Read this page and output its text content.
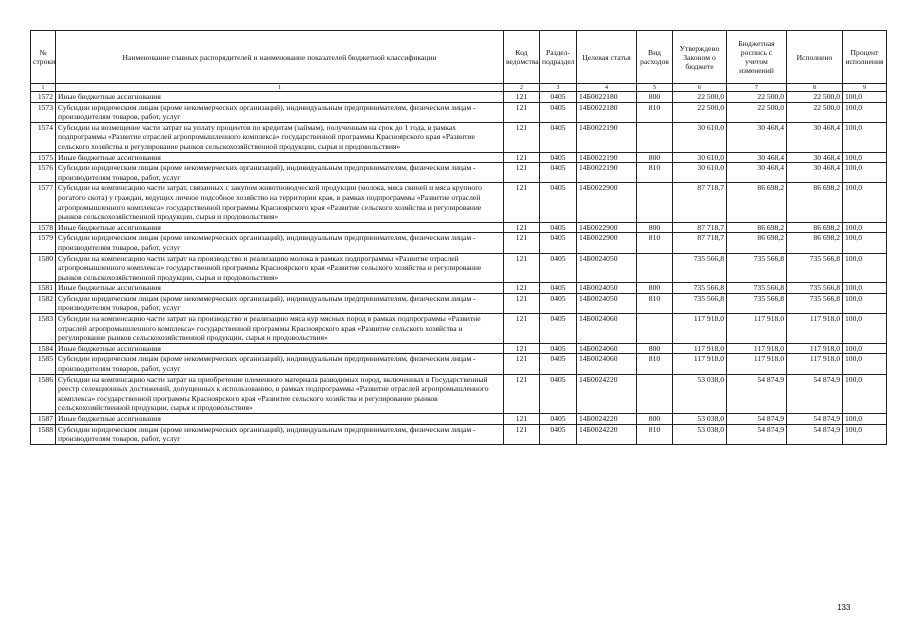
№ строки	Наименование главных распорядителей и наименование показателей бюджетной классификации	Код ведомства	Раздел-подраздел	Целевая статья	Вид расходов	Утверждено Законом о бюджете	Бюджетная роспись с учетом изменений	Исполнено	Процент исполнения
1	1	2	3	4	5	6	7	8	9
1572	Иные бюджетные ассигнования	121	0405	14Б0022180	800	22 500,0	22 500,0	22 500,0	100,0
1573	Субсидии юридическим лицам (кроме некоммерческих организаций), индивидуальным предпринимателям, физическим лицам - производителям товаров, работ, услуг	121	0405	14Б0022180	810	22 500,0	22 500,0	22 500,0	100,0
1574	Субсидии на возмещение части затрат на уплату процентов по кредитам (займам), полученным на срок до 1 года, в рамках подпрограммы «Развитие отраслей агропромышленного комплекса» государственной программы Красноярского края «Развитие сельского хозяйства и регулирование рынков сельскохозяйственной продукции, сырья и продовольствия»	121	0405	14Б0022190		30 610,0	30 468,4	30 468,4	100,0
1575	Иные бюджетные ассигнования	121	0405	14Б0022190	800	30 610,0	30 468,4	30 468,4	100,0
1576	Субсидии юридическим лицам (кроме некоммерческих организаций), индивидуальным предпринимателям, физическим лицам - производителям товаров, работ, услуг	121	0405	14Б0022190	810	30 610,0	30 468,4	30 468,4	100,0
1577	Субсидии на компенсацию части затрат, связанных с закупом животноводческой продукции (молока, мяса свиней и мяса крупного рогатого скота) у граждан, ведущих личное подсобное хозяйство на территории края, в рамках подпрограммы «Развитие отраслей агропромышленного комплекса» государственной программы Красноярского края «Развитие сельского хозяйства и регулирование рынков сельскохозяйственной продукции, сырья и продовольствия»	121	0405	14Б0022900		87 718,7	86 698,2	86 698,2	100,0
1578	Иные бюджетные ассигнования	121	0405	14Б0022900	800	87 718,7	86 698,2	86 698,2	100,0
1579	Субсидии юридическим лицам (кроме некоммерческих организаций), индивидуальным предпринимателям, физическим лицам - производителям товаров, работ, услуг	121	0405	14Б0022900	810	87 718,7	86 698,2	86 698,2	100,0
1580	Субсидии на компенсацию части затрат на производство и реализацию молока в рамках подпрограммы «Развитие отраслей агропромышленного комплекса» государственной программы Красноярского края «Развитие сельского хозяйства и регулирование рынков сельскохозяйственной продукции, сырья и продовольствия»	121	0405	14Б0024050		735 566,8	735 566,8	735 566,8	100,0
1581	Иные бюджетные ассигнования	121	0405	14Б0024050	800	735 566,8	735 566,8	735 566,8	100,0
1582	Субсидии юридическим лицам (кроме некоммерческих организаций), индивидуальным предпринимателям, физическим лицам - производителям товаров, работ, услуг	121	0405	14Б0024050	810	735 566,8	735 566,8	735 566,8	100,0
1583	Субсидии на компенсацию части затрат на производство и реализацию мяса кур мясных пород в рамках подпрограммы «Развитие отраслей агропромышленного комплекса» государственной программы Красноярского края «Развитие сельского хозяйства и регулирование рынков сельскохозяйственной продукции, сырья и продовольствия»	121	0405	14Б0024060		117 918,0	117 918,0	117 918,0	100,0
1584	Иные бюджетные ассигнования	121	0405	14Б0024060	800	117 918,0	117 918,0	117 918,0	100,0
1585	Субсидии юридическим лицам (кроме некоммерческих организаций), индивидуальным предпринимателям, физическим лицам - производителям товаров, работ, услуг	121	0405	14Б0024060	810	117 918,0	117 918,0	117 918,0	100,0
1586	Субсидии на компенсацию части затрат на приобретение племенного материала разводимых пород, включенных в Государственный реестр селекционных достижений, допущенных к использованию, в рамках подпрограммы «Развитие отраслей агропромышленного комплекса» государственной программы Красноярского края «Развитие сельского хозяйства и регулирование рынков сельскохозяйственной продукции, сырья и продовольствия»	121	0405	14Б0024220		53 038,0	54 874,9	54 874,9	100,0
1587	Иные бюджетные ассигнования	121	0405	14Б0024220	800	53 038,0	54 874,9	54 874,9	100,0
1588	Субсидии юридическим лицам (кроме некоммерческих организаций), индивидуальным предпринимателям, физическим лицам - производителям товаров, работ, услуг	121	0405	14Б0024220	810	53 038,0	54 874,9	54 874,9	100,0
133
